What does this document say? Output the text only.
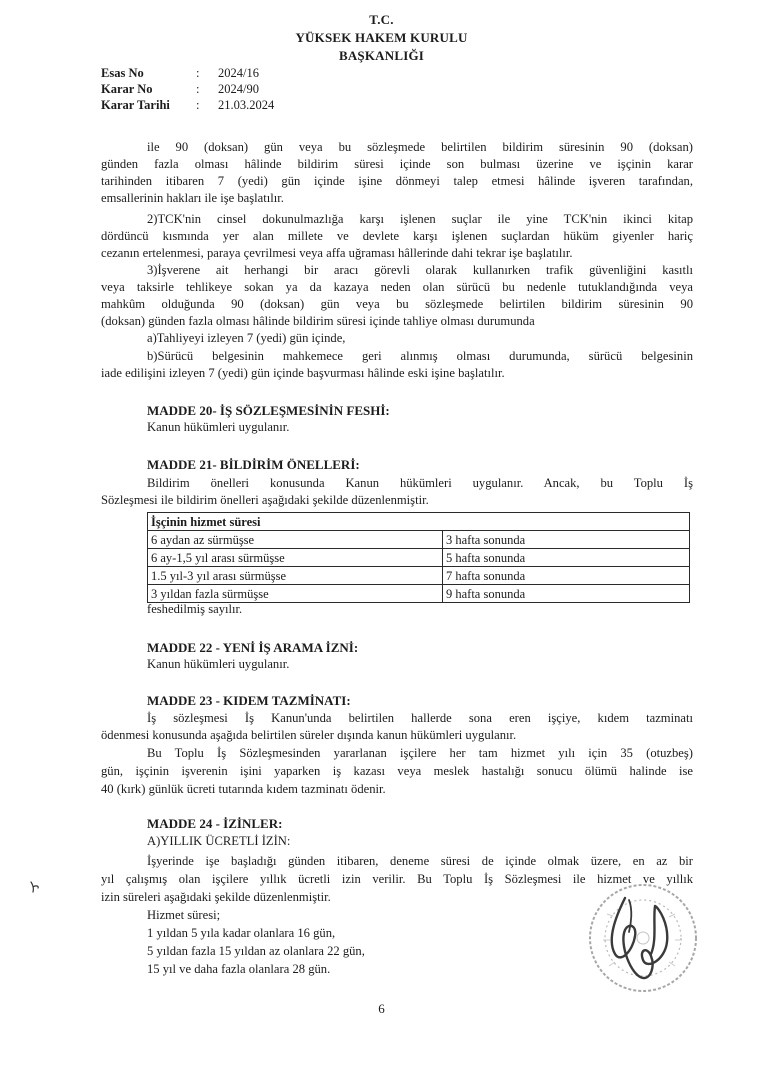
T.C.
YÜKSEK HAKEM KURULU
BAŞKANLIĞI
Esas No	: 2024/16
Karar No	: 2024/90
Karar Tarihi : 21.03.2024
ile 90 (doksan) gün veya bu sözleşmede belirtilen bildirim süresinin 90 (doksan)
günden fazla olması hâlinde bildirim süresi içinde son bulması üzerine ve işçinin karar
tarihinden itibaren 7 (yedi) gün içinde işine dönmeyi talep etmesi hâlinde işveren tarafından,
emsallerinin hakları ile işe başlatılır.
2)TCK'nin cinsel dokunulmazlığa karşı işlenen suçlar ile yine TCK'nin ikinci kitap
dördüncü kısmında yer alan millete ve devlete karşı işlenen suçlardan hüküm giyenler hariç
cezanın ertelenmesi, paraya çevrilmesi veya affa uğraması hâllerinde dahi tekrar işe başlatılır.
3)İşverene ait herhangi bir aracı görevli olarak kullanırken trafik güvenliğini kasıtlı
veya taksirle tehlikeye sokan ya da kazaya neden olan sürücü bu nedenle tutuklandığında veya
mahkûm olduğunda 90 (doksan) gün veya bu sözleşmede belirtilen bildirim süresinin 90
(doksan) günden fazla olması hâlinde bildirim süresi içinde tahliye olması durumunda
a)Tahliyeyi izleyen 7 (yedi) gün içinde,
b)Sürücü belgesinin mahkemece geri alınmış olması durumunda, sürücü belgesinin
iade edilişini izleyen 7 (yedi) gün içinde başvurması hâlinde eski işine başlatılır.
MADDE 20- İŞ SÖZLEŞMESİNİN FESHİ:
Kanun hükümleri uygulanır.
MADDE 21- BİLDİRİM ÖNELLERİ:
Bildirim önelleri konusunda Kanun hükümleri uygulanır. Ancak, bu Toplu İş
Sözleşmesi ile bildirim önelleri aşağıdaki şekilde düzenlenmiştir.
İşçinin hizmet süresi	
6 aydan az sürmüşse	3 hafta sonunda
6 ay-1,5 yıl arası sürmüşse	5 hafta sonunda
1.5 yıl-3 yıl arası sürmüşse	7 hafta sonunda
3 yıldan fazla sürmüşse	9 hafta sonunda
feshedilmiş sayılır.
MADDE 22 - YENİ İŞ ARAMA İZNİ:
Kanun hükümleri uygulanır.
MADDE 23 - KIDEM TAZMİNATI:
İş sözleşmesi İş Kanun'unda belirtilen hallerde sona eren işçiye, kıdem tazminatı
ödenmesi konusunda aşağıda belirtilen süreler dışında kanun hükümleri uygulanır.
Bu Toplu İş Sözleşmesinden yararlanan işçilere her tam hizmet yılı için 35 (otuzbeş)
gün, işçinin işverenin işini yaparken iş kazası veya meslek hastalığı sonucu ölümü halinde ise
40 (kırk) günlük ücreti tutarında kıdem tazminatı ödenir.
MADDE 24 - İZİNLER:
A)YILLIK ÜCRETLİ İZİN:
İşyerinde işe başladığı günden itibaren, deneme süresi de içinde olmak üzere, en az bir
yıl çalışmış olan işçilere yıllık ücretli izin verilir. Bu Toplu İş Sözleşmesi ile hizmet ve yıllık
izin süreleri aşağıdaki şekilde düzenlenmiştir.
Hizmet süresi;
1 yıldan 5 yıla kadar olanlara 16 gün,
5 yıldan fazla 15 yıldan az olanlara 22 gün,
15 yıl ve daha fazla olanlara 28 gün.
6
